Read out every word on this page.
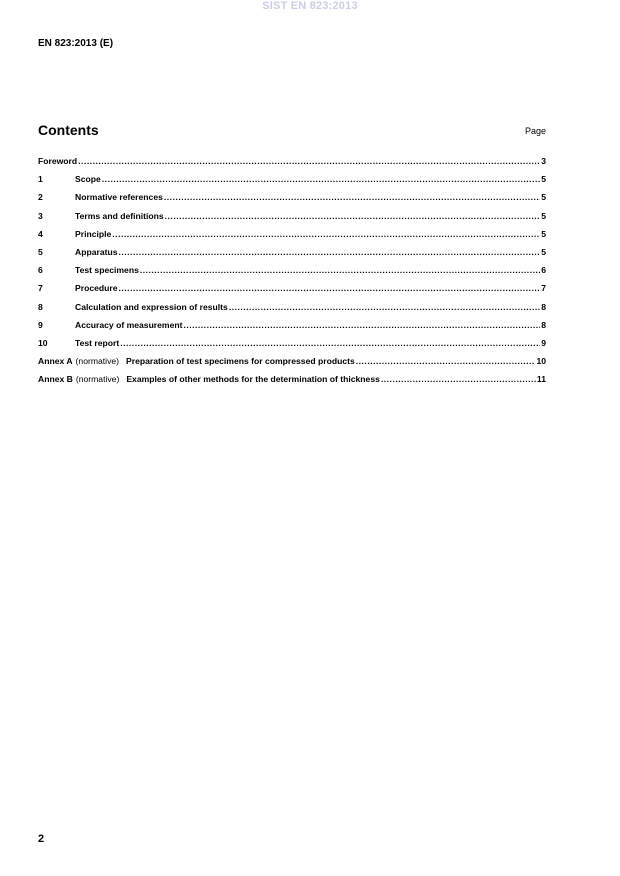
SIST EN 823:2013
EN 823:2013 (E)
Contents	Page
Foreword .....	3
1	Scope .....	5
2	Normative references .....	5
3	Terms and definitions .....	5
4	Principle .....	5
5	Apparatus .....	5
6	Test specimens .....	6
7	Procedure .....	7
8	Calculation and expression of results .....	8
9	Accuracy of measurement .....	8
10	Test report .....	9
Annex A (normative) Preparation of test specimens for compressed products .....	10
Annex B (normative) Examples of other methods for the determination of thickness .....	11
2
